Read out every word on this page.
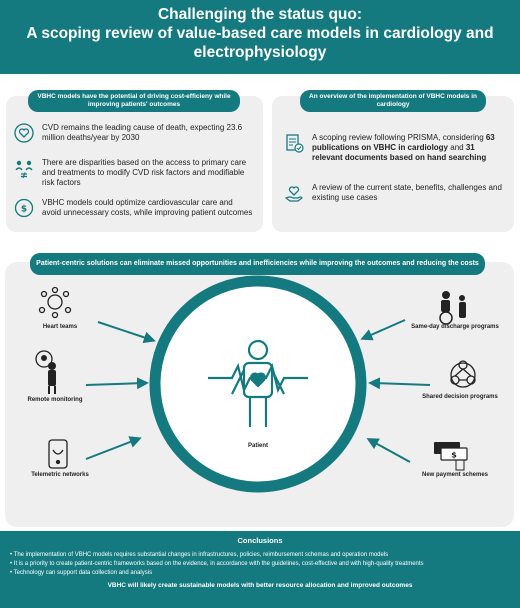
Challenging the status quo:
A scoping review of value-based care models in cardiology and electrophysiology
VBHC models have the potential of driving cost-efficieny while improving patients' outcomes
CVD remains the leading cause of death, expecting 23.6 million deaths/year by 2030
There are disparities based on the access to primary care and treatments to modify CVD risk factors and modifiable risk factors
$
VBHC models could optimize cardiovascular care and avoid unnecessary costs, while improving patient outcomes
An overview of the implementation of VBHC models in cardiology
A scoping review following PRISMA, considering 63 publications on VBHC in cardiology and 31 relevant documents based on hand searching
A review of the current state, benefits, challenges and existing use cases
Patient-centric solutions can eliminate missed opportunities and inefficiencies while improving the outcomes and reducing the costs
$
Heart teams
Remote monitoring
Telemetric networks
Same-day discharge programs
Shared decision programs
New payment schemes
Patient
Conclusions
• The implementation of VBHC models requires substantial changes in infrastructures, policies, reimbursement schemas and operation models
• It is a priority to create patient-centric frameworks based on the evidence, in accordance with the guidelines, cost-effective and with high-quality treatments
• Technology can support data collection and analysis
VBHC will likely create sustainable models with better resource allocation and improved outcomes
